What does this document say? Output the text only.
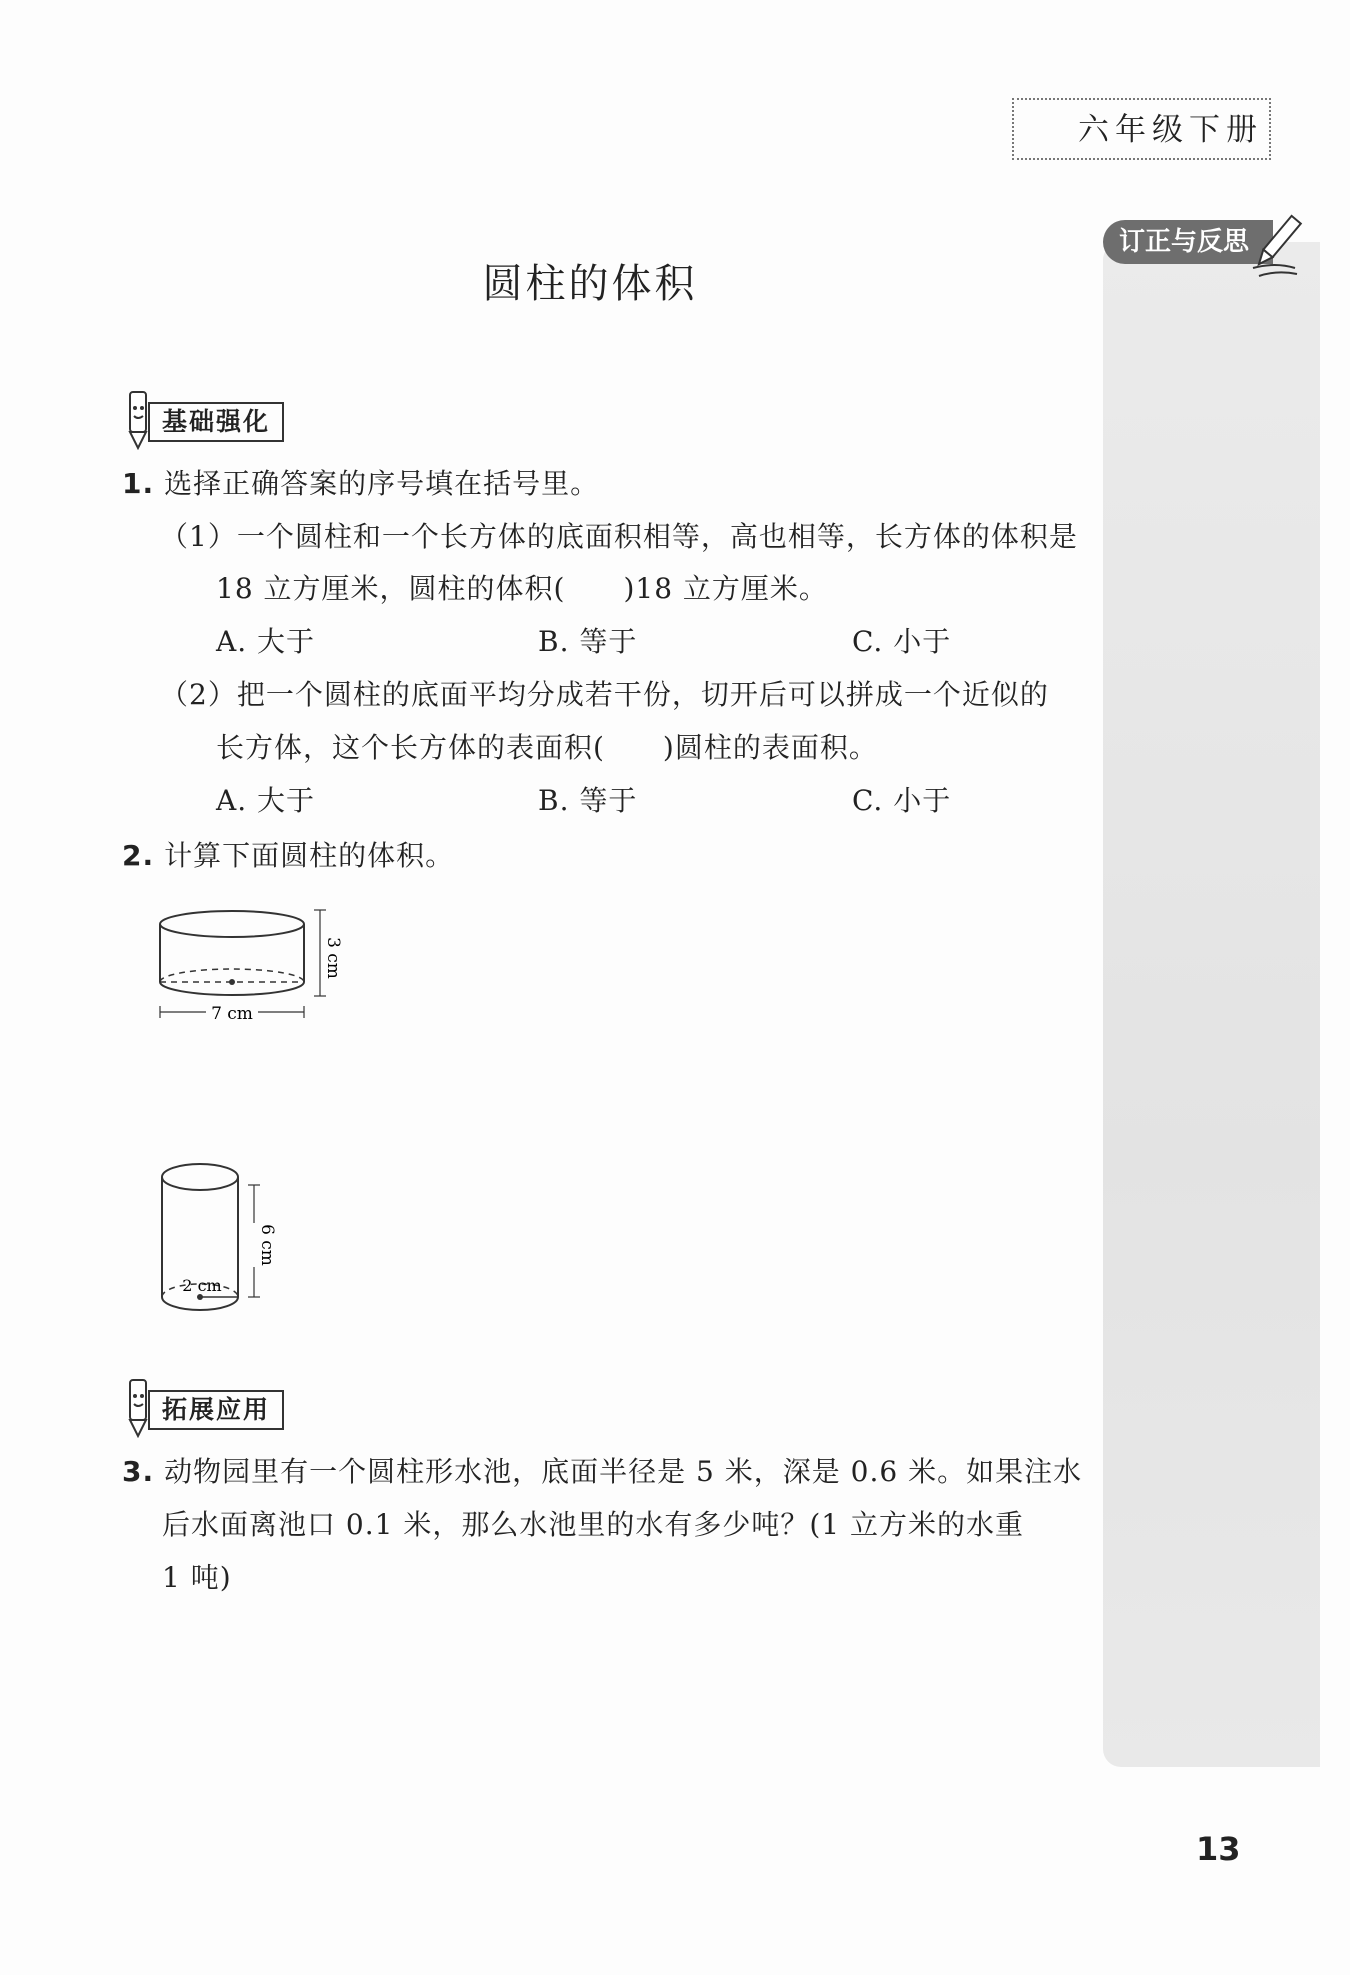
六年级下册
订正与反思
圆柱的体积
基础强化
1. 选择正确答案的序号填在括号里。
（1）一个圆柱和一个长方体的底面积相等，高也相等，长方体的体积是
18 立方厘米，圆柱的体积(　　)18 立方厘米。
A. 大于	B. 等于	C. 小于
（2）把一个圆柱的底面平均分成若干份，切开后可以拼成一个近似的
长方体，这个长方体的表面积(　　)圆柱的表面积。
A. 大于	B. 等于	C. 小于
2. 计算下面圆柱的体积。
3 cm
7 cm
2 cm
6 cm
拓展应用
3. 动物园里有一个圆柱形水池，底面半径是 5 米，深是 0.6 米。如果注水
后水面离池口 0.1 米，那么水池里的水有多少吨？(1 立方米的水重
1 吨)
13
